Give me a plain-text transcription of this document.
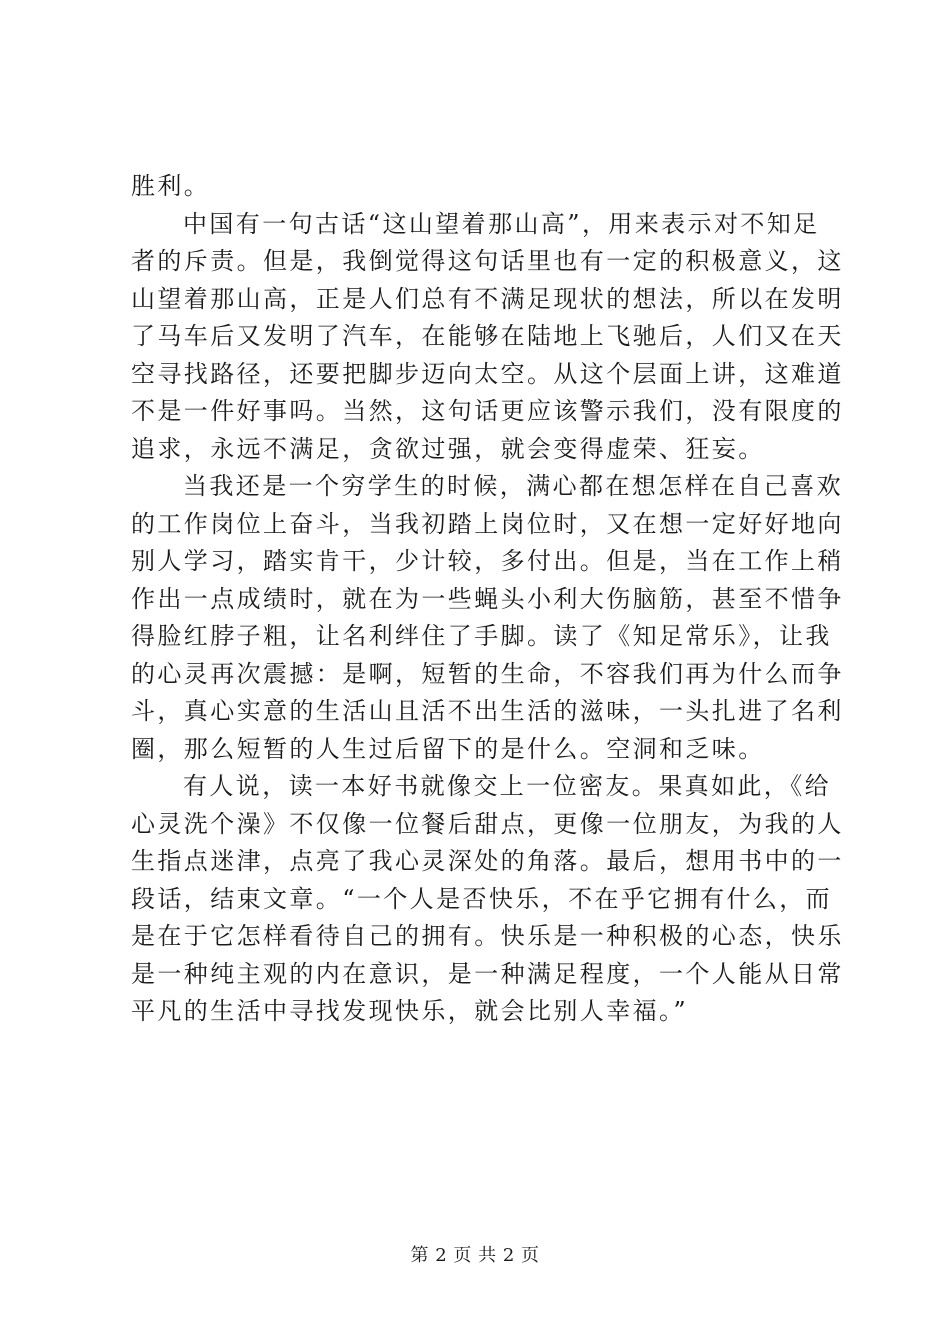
胜利。
中国有一句古话“这山望着那山高”，用来表示对不知足
者的斥责。但是，我倒觉得这句话里也有一定的积极意义，这
山望着那山高，正是人们总有不满足现状的想法，所以在发明
了马车后又发明了汽车，在能够在陆地上飞驰后，人们又在天
空寻找路径，还要把脚步迈向太空。从这个层面上讲，这难道
不是一件好事吗。当然，这句话更应该警示我们，没有限度的
追求，永远不满足，贪欲过强，就会变得虚荣、狂妄。
当我还是一个穷学生的时候，满心都在想怎样在自己喜欢
的工作岗位上奋斗，当我初踏上岗位时，又在想一定好好地向
别人学习，踏实肯干，少计较，多付出。但是，当在工作上稍
作出一点成绩时，就在为一些蝇头小利大伤脑筋，甚至不惜争
得脸红脖子粗，让名利绊住了手脚。读了《知足常乐》，让我
的心灵再次震撼：是啊，短暂的生命，不容我们再为什么而争
斗，真心实意的生活山且活不出生活的滋味，一头扎进了名利
圈，那么短暂的人生过后留下的是什么。空洞和乏味。
有人说，读一本好书就像交上一位密友。果真如此，《给
心灵洗个澡》不仅像一位餐后甜点，更像一位朋友，为我的人
生指点迷津，点亮了我心灵深处的角落。最后，想用书中的一
段话，结束文章。“一个人是否快乐，不在乎它拥有什么，而
是在于它怎样看待自己的拥有。快乐是一种积极的心态，快乐
是一种纯主观的内在意识，是一种满足程度，一个人能从日常
平凡的生活中寻找发现快乐，就会比别人幸福。”
第 2 页 共 2 页
